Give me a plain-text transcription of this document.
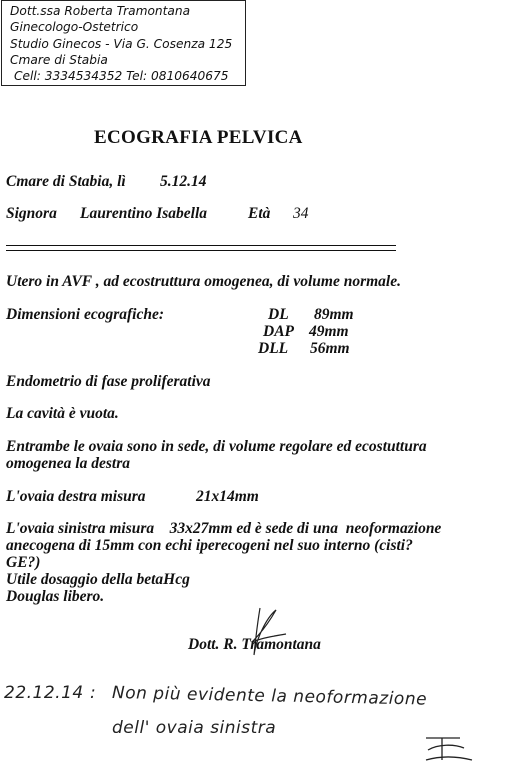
Dott.ssa Roberta Tramontana
Ginecologo-Ostetrico
Studio Ginecos - Via G. Cosenza 125
Cmare di Stabia
Cell: 3334534352 Tel: 0810640675
ECOGRAFIA PELVICA
Cmare di Stabia, lì 5.12.14
Signora Laurentino Isabella	Età 34
Utero in AVF , ad ecostruttura omogenea, di volume normale.
Dimensioni ecografiche:	DL 89mm
DAP 49mm
DLL 56mm
Endometrio di fase proliferativa
La cavità è vuota.
Entrambe le ovaia sono in sede, di volume regolare ed ecostuttura
omogenea la destra
L'ovaia destra misura	21x14mm
L'ovaia sinistra misura    33x27mm ed è sede di una  neoformazione
anecogena di 15mm con echi iperecogeni nel suo interno (cisti?
GE?)
Utile dosaggio della betaHcg
Douglas libero.
Dott. R. Tramontana
22.12.14 : Non più evidente la neoformazione
dell' ovaia sinistra
